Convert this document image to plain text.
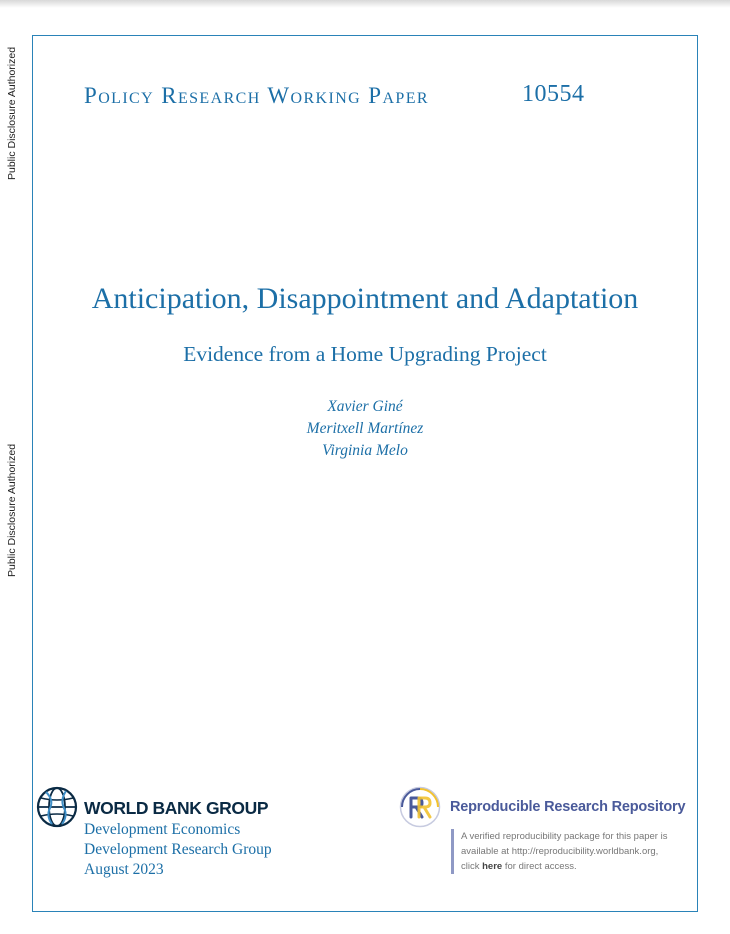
Public Disclosure Authorized
Public Disclosure Authorized
Policy Research Working Paper	10554
Anticipation, Disappointment and Adaptation
Evidence from a Home Upgrading Project
Xavier Giné
Meritxell Martínez
Virginia Melo
WORLD BANK GROUP
Development Economics
Development Research Group
August 2023
Reproducible Research Repository
A verified reproducibility package for this paper is
available at http://reproducibility.worldbank.org,
click here for direct access.
